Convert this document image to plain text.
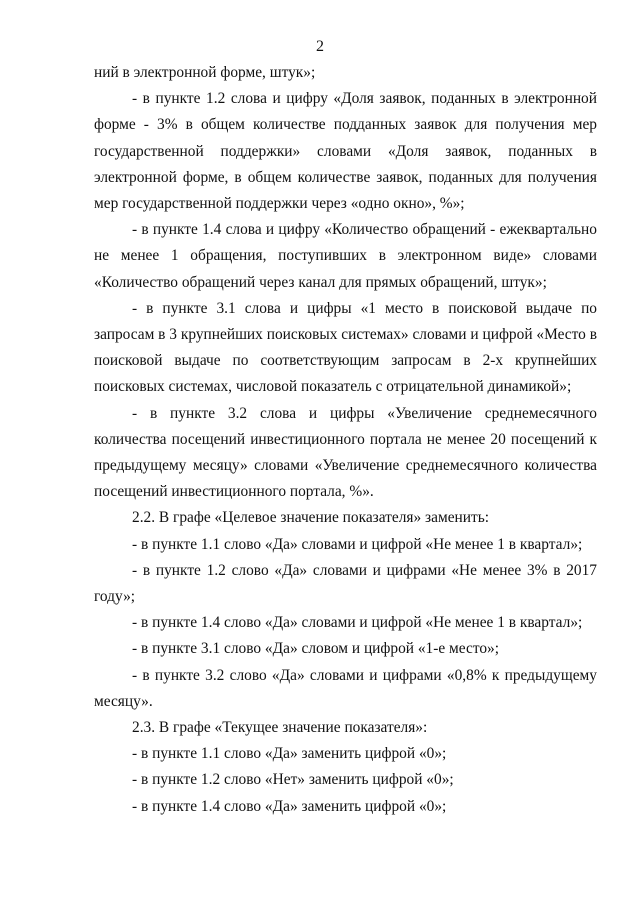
2

ний в электронной форме, штук»;

- в пункте 1.2 слова и цифру «Доля заявок, поданных в электронной форме - 3% в общем количестве подданных заявок для получения мер государственной поддержки» словами «Доля заявок, поданных в электронной форме, в общем количестве заявок, поданных для получения мер государственной поддержки через «одно окно», %»;

- в пункте 1.4 слова и цифру «Количество обращений - ежеквартально не менее 1 обращения, поступивших в электронном виде» словами «Количество обращений через канал для прямых обращений, штук»;

- в пункте 3.1 слова и цифры «1 место в поисковой выдаче по запросам в 3 крупнейших поисковых системах» словами и цифрой «Место в поисковой выдаче по соответствующим запросам в 2-х крупнейших поисковых системах, числовой показатель с отрицательной динамикой»;

- в пункте 3.2 слова и цифры «Увеличение среднемесячного количества посещений инвестиционного портала не менее 20 посещений к предыдущему месяцу» словами «Увеличение среднемесячного количества посещений инвестиционного портала, %».

2.2. В графе «Целевое значение показателя» заменить:

- в пункте 1.1 слово «Да» словами и цифрой «Не менее 1 в квартал»;

- в пункте 1.2 слово «Да» словами и цифрами «Не менее 3% в 2017 году»;

- в пункте 1.4 слово «Да» словами и цифрой «Не менее 1 в квартал»;

- в пункте 3.1 слово «Да» словом и цифрой «1-е место»;

- в пункте 3.2 слово «Да» словами и цифрами «0,8% к предыдущему месяцу».

2.3. В графе «Текущее значение показателя»:

- в пункте 1.1 слово «Да» заменить цифрой «0»;

- в пункте 1.2 слово «Нет» заменить цифрой «0»;

- в пункте 1.4 слово «Да» заменить цифрой «0»;
